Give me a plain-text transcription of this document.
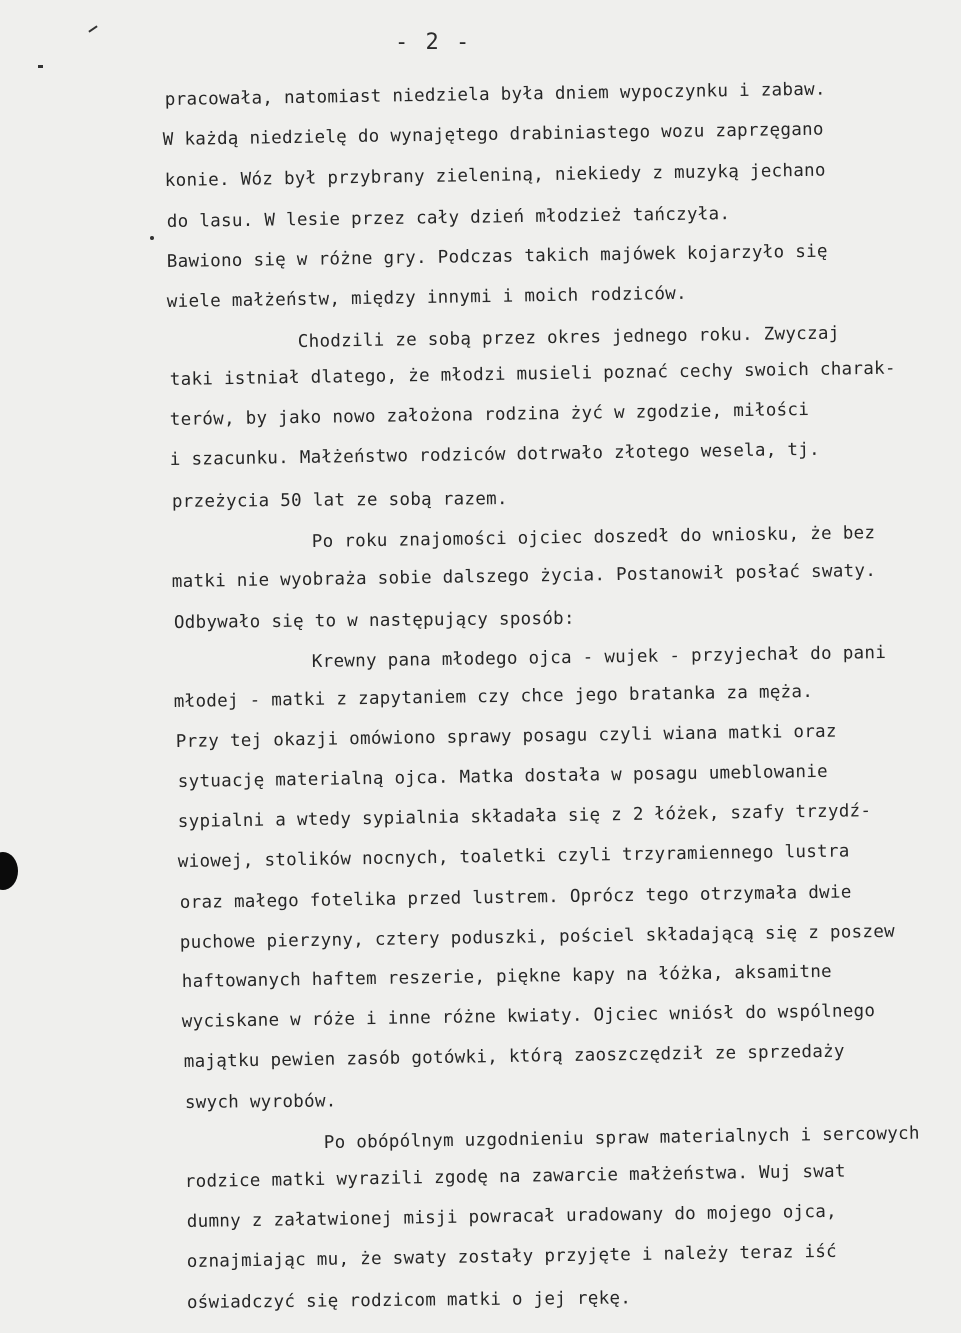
- 2 -
pracowała, natomiast niedziela była dniem wypoczynku i zabaw.
W każdą niedzielę do wynajętego drabiniastego wozu zaprzęgano
konie. Wóz był przybrany zieleniną, niekiedy z muzyką jechano
do lasu. W lesie przez cały dzień młodzież tańczyła.
Bawiono się w różne gry. Podczas takich majówek kojarzyło się
wiele małżeństw, między innymi i moich rodziców.
Chodzili ze sobą przez okres jednego roku. Zwyczaj
taki istniał dlatego, że młodzi musieli poznać cechy swoich charak-
terów, by jako nowo założona rodzina żyć w zgodzie, miłości
i szacunku. Małżeństwo rodziców dotrwało złotego wesela, tj.
przeżycia 50 lat ze sobą razem.
Po roku znajomości ojciec doszedł do wniosku, że bez
matki nie wyobraża sobie dalszego życia. Postanowił posłać swaty.
Odbywało się to w następujący sposób:
Krewny pana młodego ojca - wujek - przyjechał do pani
młodej - matki z zapytaniem czy chce jego bratanka za męża.
Przy tej okazji omówiono sprawy posagu czyli wiana matki oraz
sytuację materialną ojca. Matka dostała w posagu umeblowanie
sypialni a wtedy sypialnia składała się z 2 łóżek, szafy trzydź-
wiowej, stolików nocnych, toaletki czyli trzyramiennego lustra
oraz małego fotelika przed lustrem. Oprócz tego otrzymała dwie
puchowe pierzyny, cztery poduszki, pościel składającą się z poszew
haftowanych haftem reszerie, piękne kapy na łóżka, aksamitne
wyciskane w róże i inne różne kwiaty. Ojciec wniósł do wspólnego
majątku pewien zasób gotówki, którą zaoszczędził ze sprzedaży
swych wyrobów.
Po obópólnym uzgodnieniu spraw materialnych i sercowych
rodzice matki wyrazili zgodę na zawarcie małżeństwa. Wuj swat
dumny z załatwionej misji powracał uradowany do mojego ojca,
oznajmiając mu, że swaty zostały przyjęte i należy teraz iść
oświadczyć się rodzicom matki o jej rękę.
